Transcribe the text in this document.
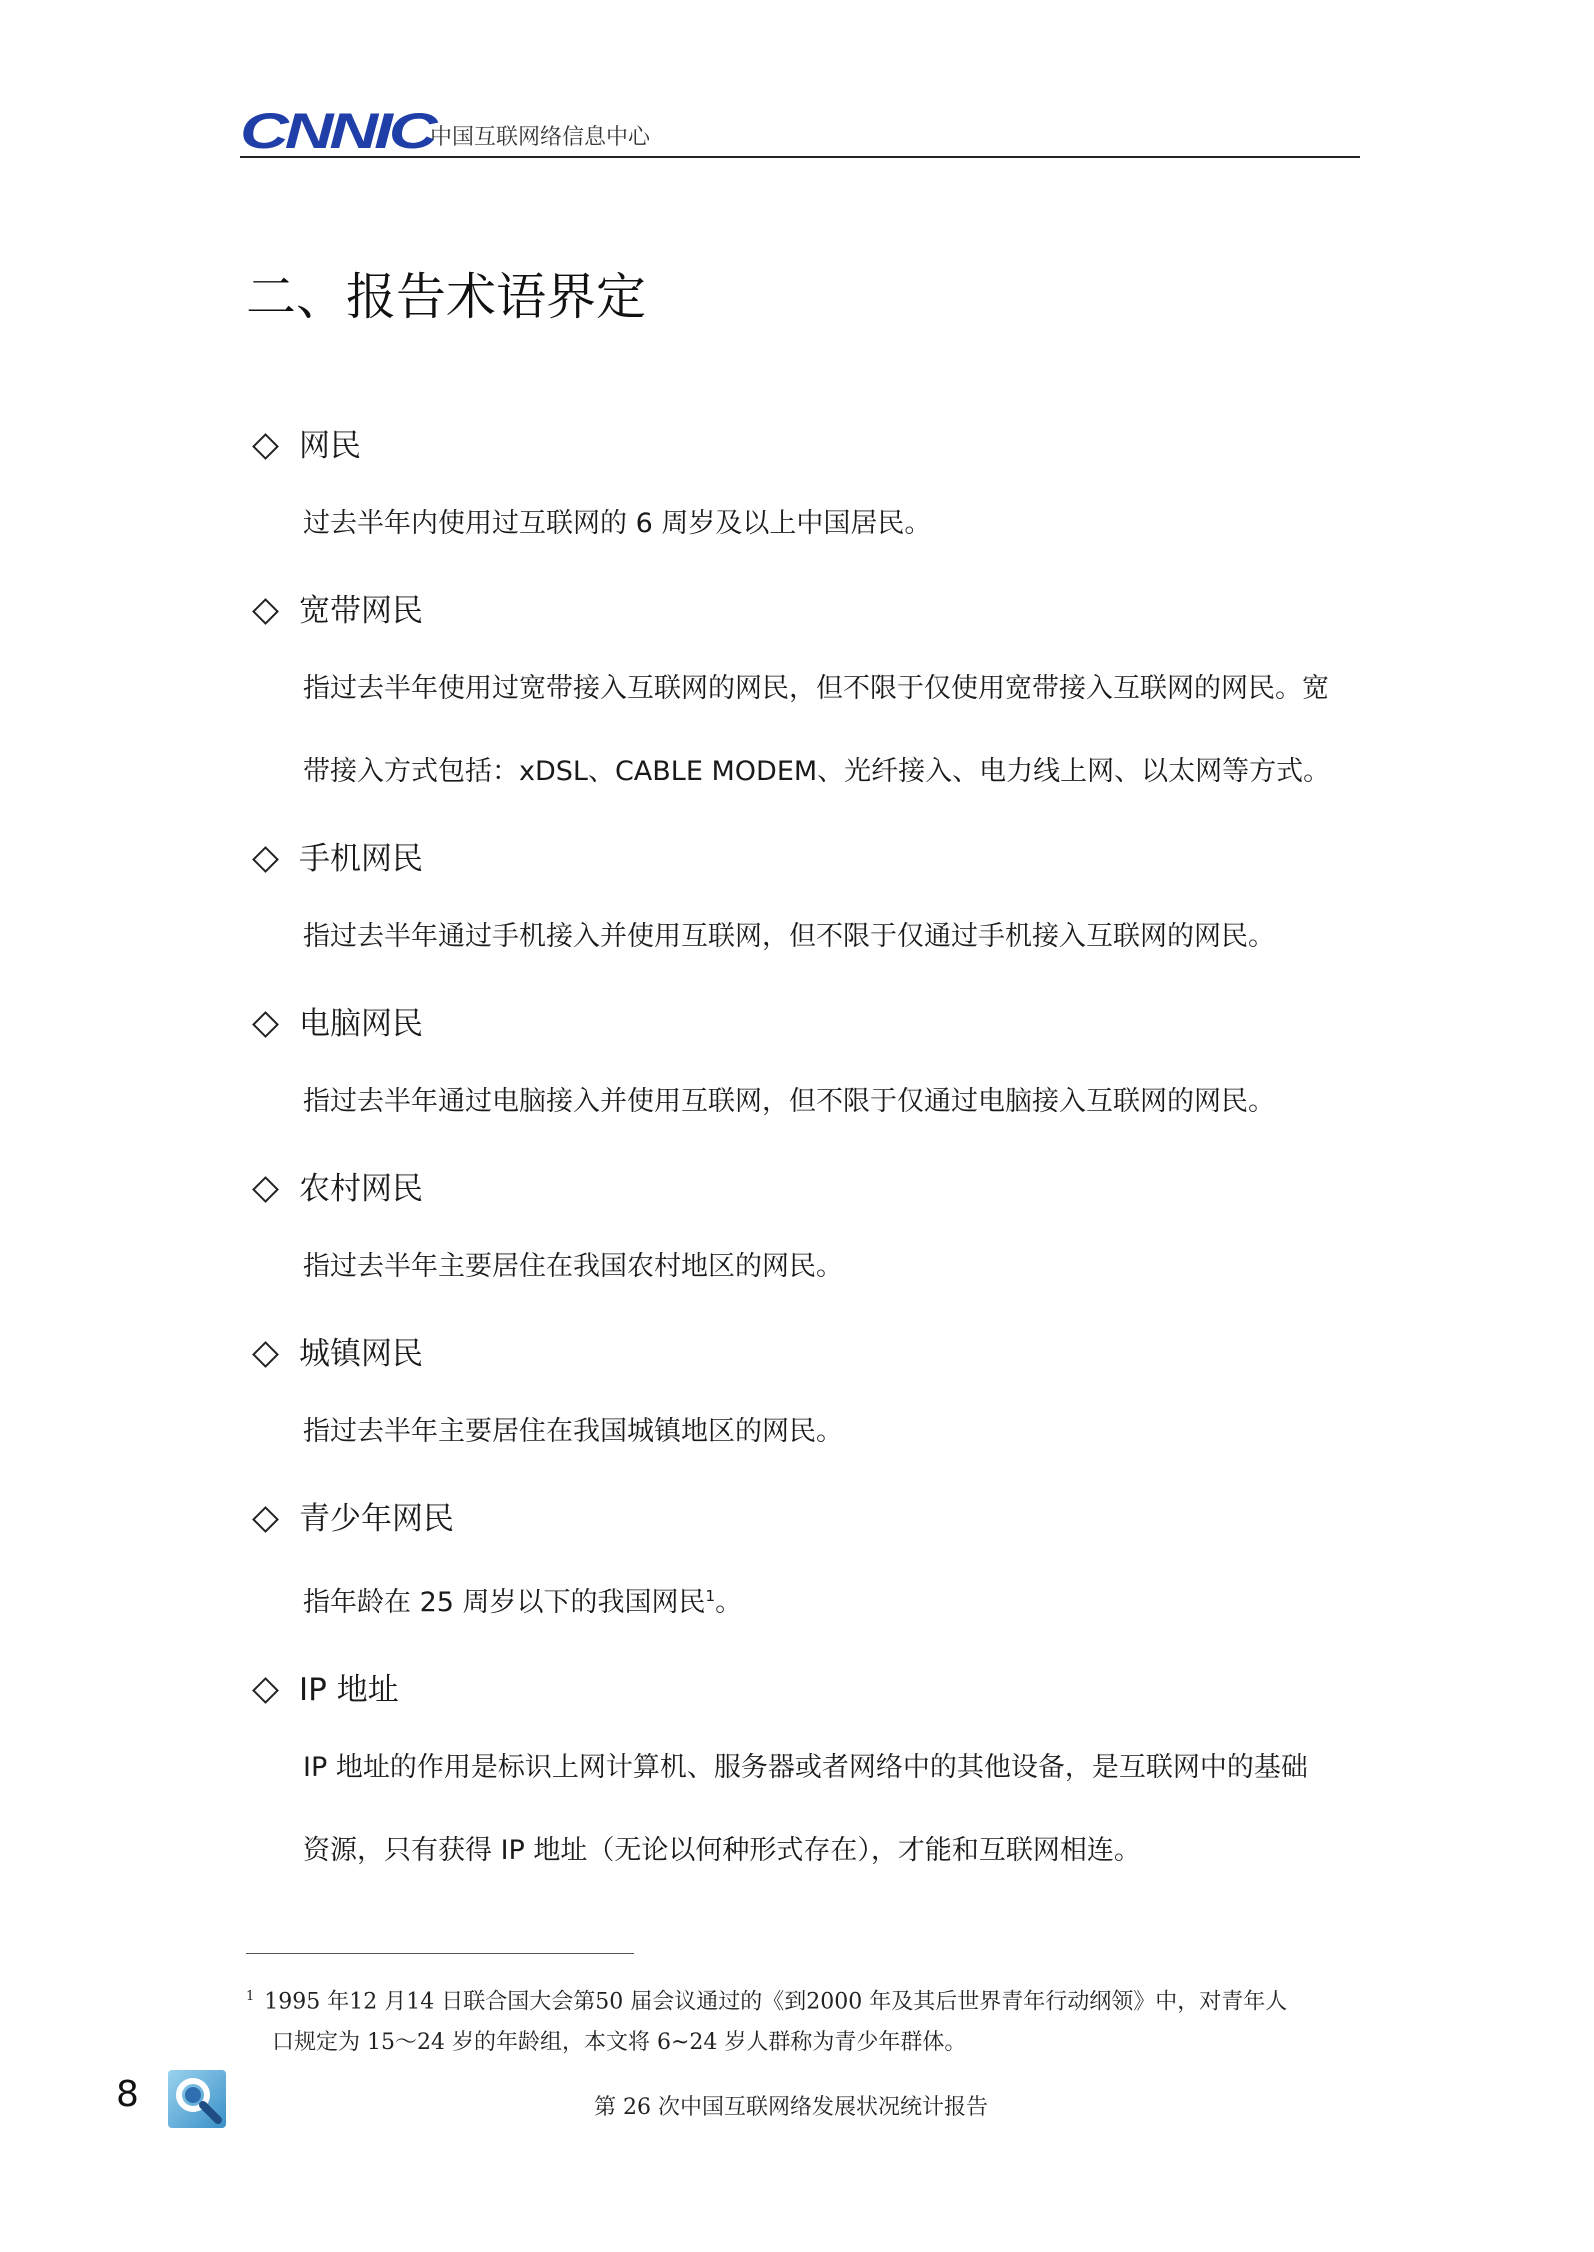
CNNIC
中国互联网络信息中心
二、报告术语界定
网民
过去半年内使用过互联网的 6 周岁及以上中国居民。
宽带网民
指过去半年使用过宽带接入互联网的网民，但不限于仅使用宽带接入互联网的网民。宽
带接入方式包括：xDSL、CABLE MODEM、光纤接入、电力线上网、以太网等方式。
手机网民
指过去半年通过手机接入并使用互联网，但不限于仅通过手机接入互联网的网民。
电脑网民
指过去半年通过电脑接入并使用互联网，但不限于仅通过电脑接入互联网的网民。
农村网民
指过去半年主要居住在我国农村地区的网民。
城镇网民
指过去半年主要居住在我国城镇地区的网民。
青少年网民
指年龄在 25 周岁以下的我国网民$^1$。
IP 地址
IP 地址的作用是标识上网计算机、服务器或者网络中的其他设备，是互联网中的基础
资源，只有获得 IP 地址（无论以何种形式存在），才能和互联网相连。
$^1$ 1995 年12 月14 日联合国大会第50 届会议通过的《到2000 年及其后世界青年行动纲领》中，对青年人
口规定为 15～24 岁的年龄组，本文将 6~24 岁人群称为青少年群体。
8	第 26 次中国互联网络发展状况统计报告
